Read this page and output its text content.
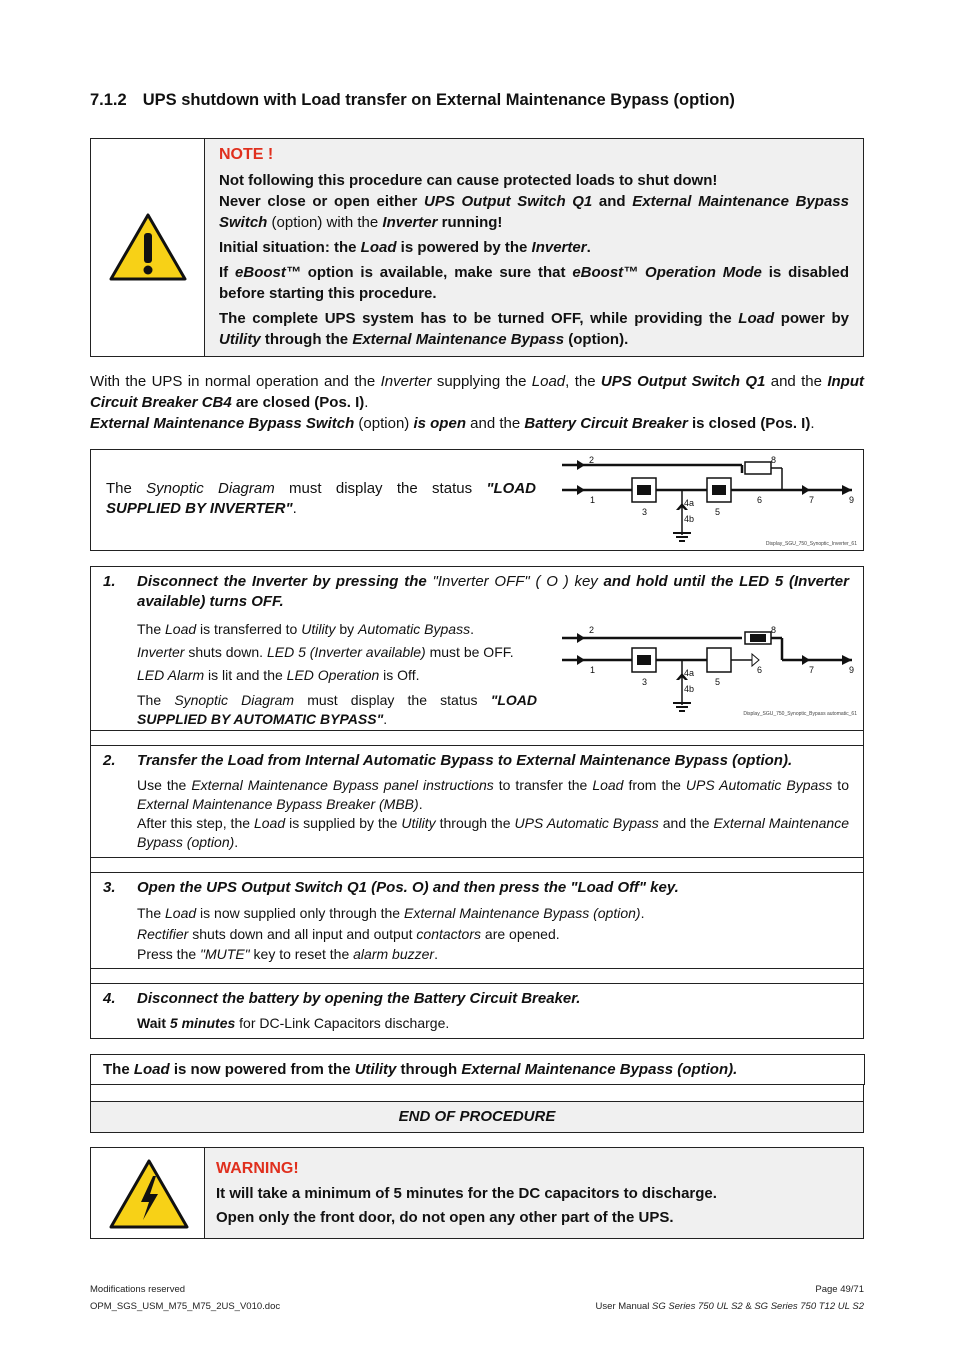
7.1.2 UPS shutdown with Load transfer on External Maintenance Bypass (option)
NOTE !
Not following this procedure can cause protected loads to shut down!
Never close or open either UPS Output Switch Q1 and External Maintenance Bypass Switch (option) with the Inverter running!
Initial situation: the Load is powered by the Inverter.
If eBoost™ option is available, make sure that eBoost™ Operation Mode is disabled before starting this procedure.
The complete UPS system has to be turned OFF, while providing the Load power by Utility through the External Maintenance Bypass (option).
With the UPS in normal operation and the Inverter supplying the Load, the UPS Output Switch Q1 and the Input Circuit Breaker CB4 are closed (Pos. I).
External Maintenance Bypass Switch (option) is open and the Battery Circuit Breaker is closed (Pos. I).
The Synoptic Diagram must display the status "LOAD SUPPLIED BY INVERTER".
2
1
3
4a
4b
5
6
8
7	9
Display_SGU_750_Synoptic_Inverter_61
1. Disconnect the Inverter by pressing the "Inverter OFF" ( O ) key and hold until the LED 5 (Inverter available) turns OFF.
The Load is transferred to Utility by Automatic Bypass.
Inverter shuts down. LED 5 (Inverter available) must be OFF.
LED Alarm is lit and the LED Operation is Off.
The Synoptic Diagram must display the status "LOAD SUPPLIED BY AUTOMATIC BYPASS".
2
1
3
4a
4b
5
6
8
7	9
Display_SGU_750_Synoptic_Bypass automatic_61
2. Transfer the Load from Internal Automatic Bypass to External Maintenance Bypass (option).
Use the External Maintenance Bypass panel instructions to transfer the Load from the UPS Automatic Bypass to External Maintenance Bypass Breaker (MBB).
After this step, the Load is supplied by the Utility through the UPS Automatic Bypass and the External Maintenance Bypass (option).
3. Open the UPS Output Switch Q1 (Pos. O) and then press the "Load Off" key.
The Load is now supplied only through the External Maintenance Bypass (option).
Rectifier shuts down and all input and output contactors are opened.
Press the "MUTE" key to reset the alarm buzzer.
4. Disconnect the battery by opening the Battery Circuit Breaker.
Wait 5 minutes for DC-Link Capacitors discharge.
The Load is now powered from the Utility through External Maintenance Bypass (option).
END OF PROCEDURE
WARNING!
It will take a minimum of 5 minutes for the DC capacitors to discharge.
Open only the front door, do not open any other part of the UPS.
Modifications reserved
OPM_SGS_USM_M75_M75_2US_V010.doc
Page 49/71
User Manual SG Series 750 UL S2 & SG Series 750 T12 UL S2
